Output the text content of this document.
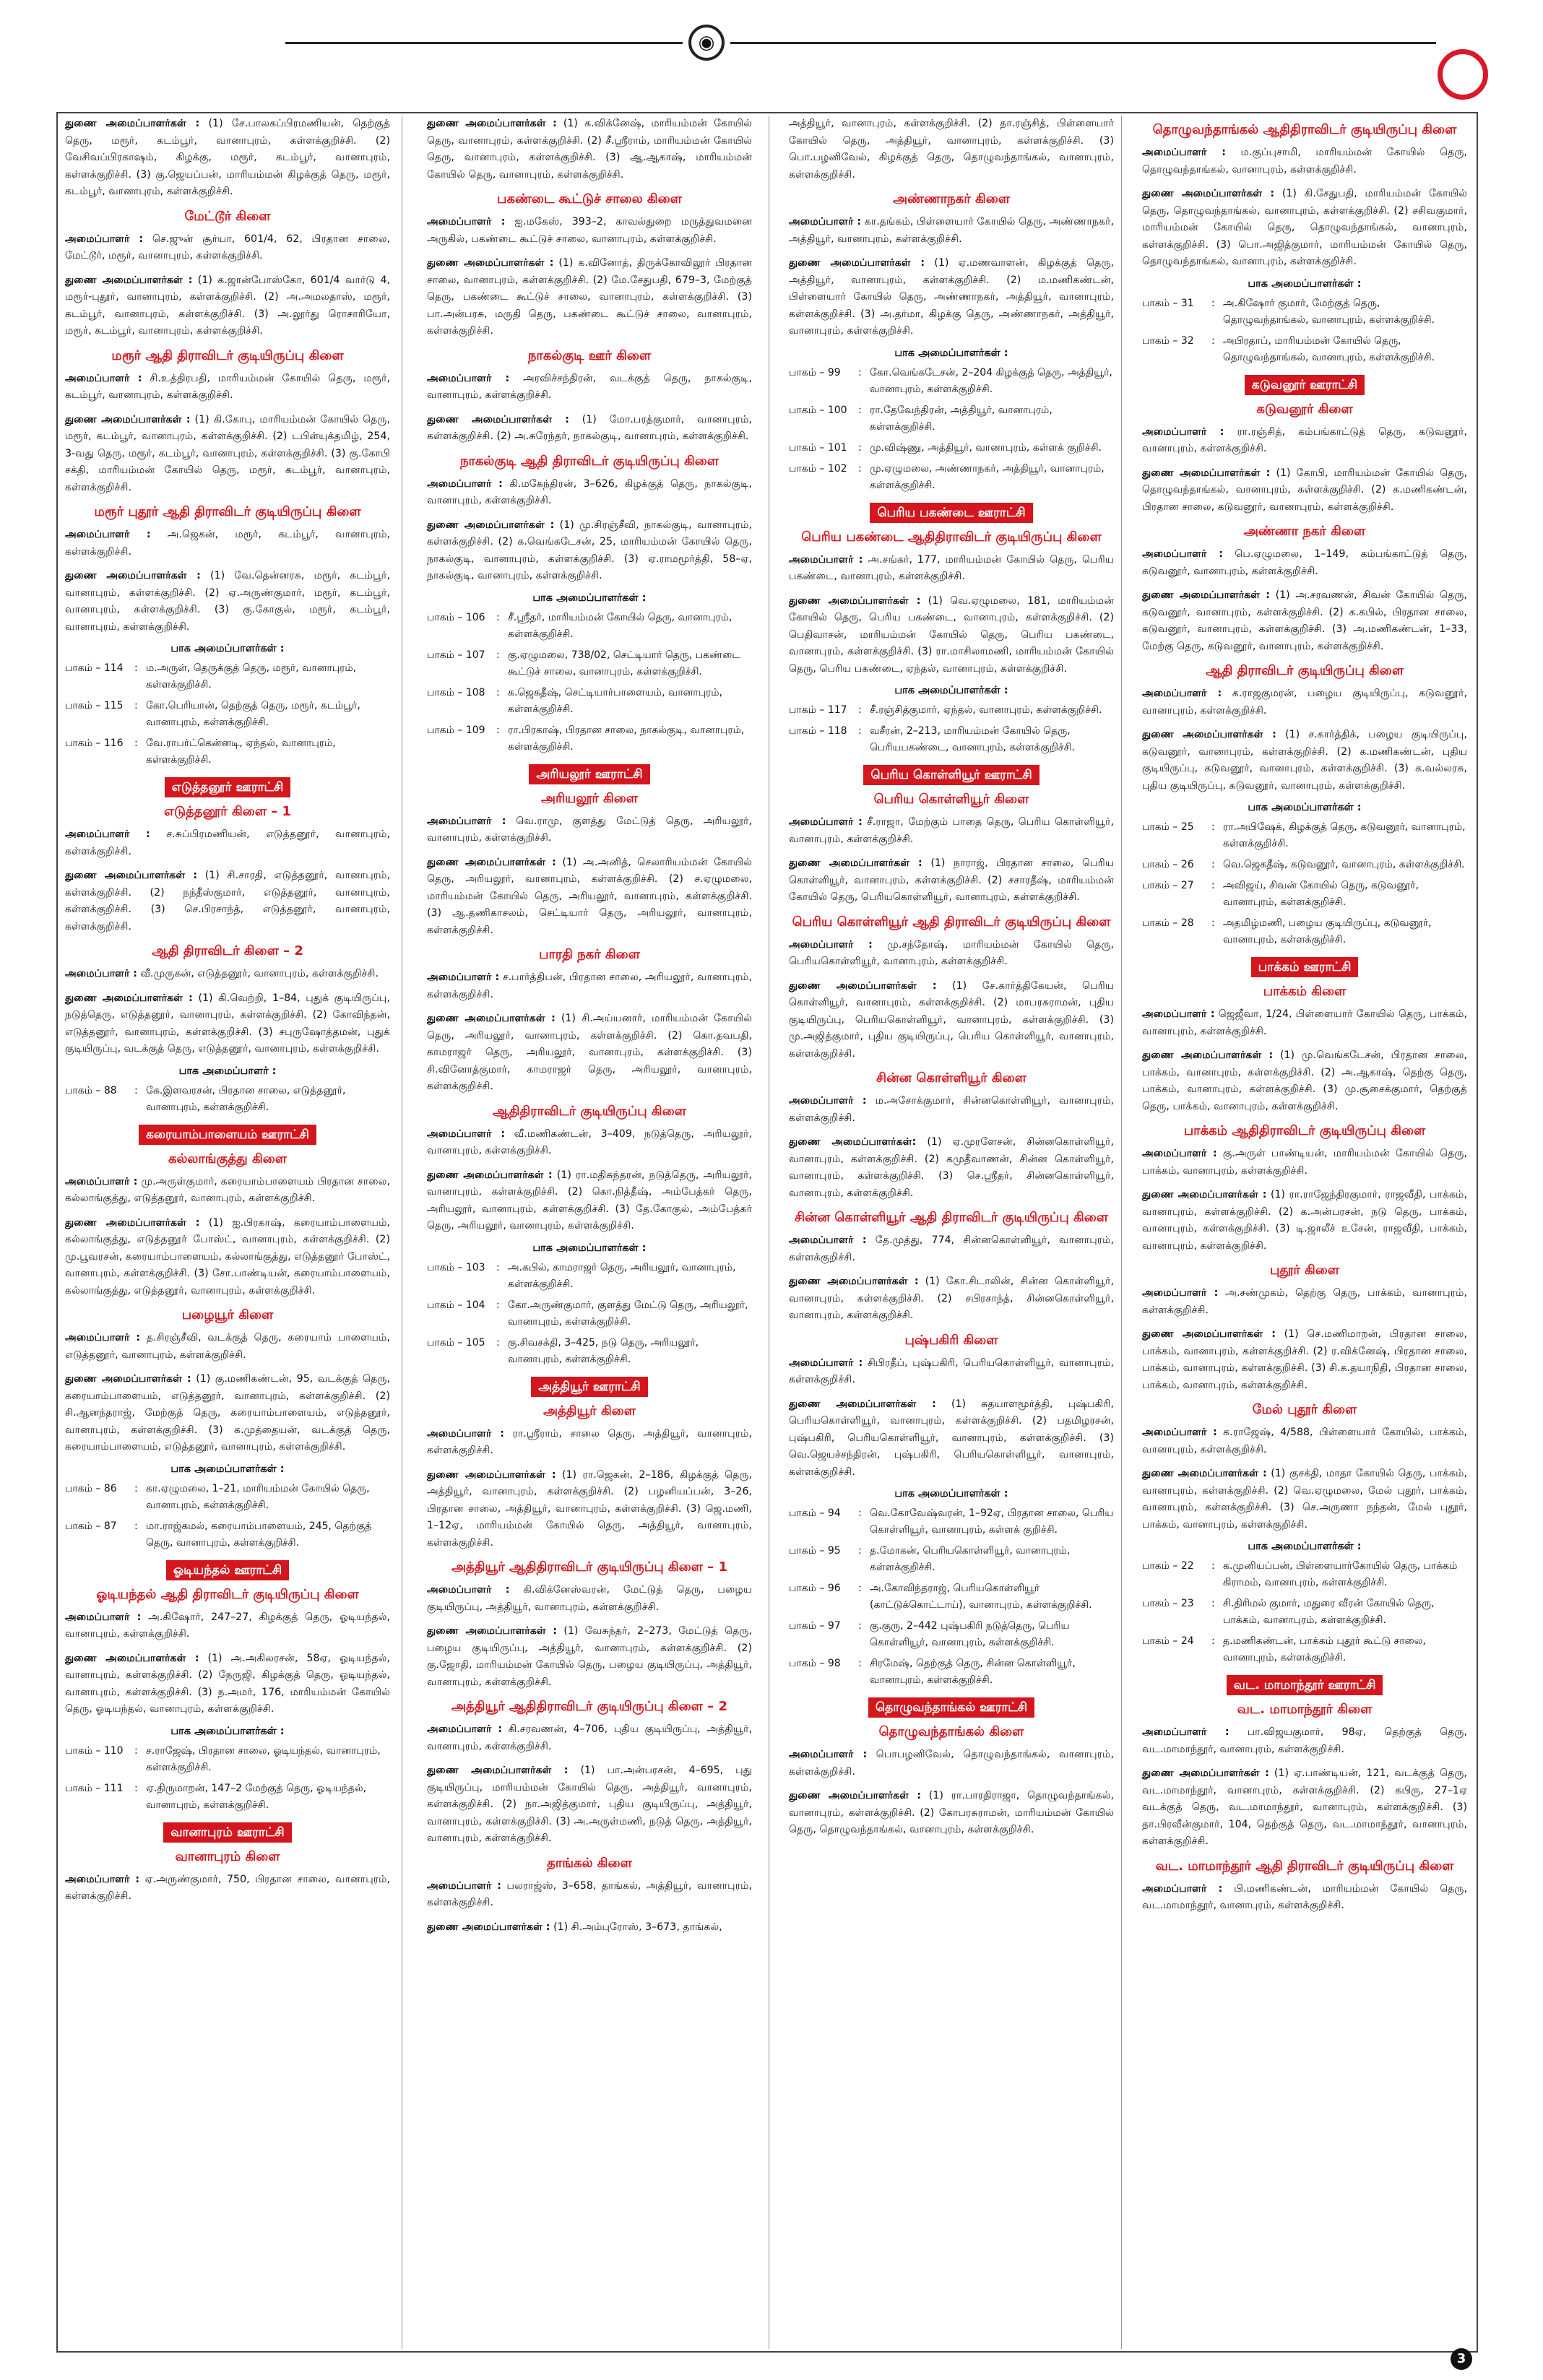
◉
துணை அமைப்பாளர்கள் : (1) சே.பாலகப்பிரமணியன், தெற்குத் தெரு, மரூர், கடம்பூர், வானாபுரம், கள்ளக்குறிச்சி. (2) வேசிவப்பிரகாஷம், கிழக்கு, மரூர், கடம்பூர், வானாபுரம், கள்ளக்குறிச்சி. (3) கு.ஜெயப்பன், மாரியம்மன் கிழக்குத் தெரு, மரூர், கடம்பூர், வானாபுரம், கள்ளக்குறிச்சி.
மேட்டூர் கிளை
அமைப்பாளர் : செ.ஜுன் சூர்யா, 601/4, 62, பிரதான சாலை, மேட்டூர், மரூர், வானாபுரம், கள்ளக்குறிச்சி.
துணை அமைப்பாளர்கள் : (1) க.ஜான்போஸ்கோ, 601/4 வார்டு 4, மரூர்-புதூர், வானாபுரம், கள்ளக்குறிச்சி. (2) அ.அமலதாஸ், மரூர், கடம்பூர், வானாபுரம், கள்ளக்குறிச்சி. (3) அ.லூர்து ரொசாரியோ, மரூர், கடம்பூர், வானாபுரம், கள்ளக்குறிச்சி.
மரூர் ஆதி திராவிடர் குடியிருப்பு கிளை
அமைப்பாளர் : சி.உத்திரபதி, மாரியம்மன் கோயில் தெரு, மரூர், கடம்பூர், வானாபுரம், கள்ளக்குறிச்சி.
துணை அமைப்பாளர்கள் : (1) கி.கோபு, மாரியம்மன் கோயில் தெரு, மரூர், கடம்பூர், வானாபுரம், கள்ளக்குறிச்சி. (2) டபிள்யுக்தமிழ், 254, 3-வது தெரு, மரூர், கடம்பூர், வானாபுரம், கள்ளக்குறிச்சி. (3) கு.கோபி சக்தி, மாரியம்மன் கோயில் தெரு, மரூர், கடம்பூர், வானாபுரம், கள்ளக்குறிச்சி.
மரூர் புதூர் ஆதி திராவிடர் குடியிருப்பு கிளை
அமைப்பாளர் : அ.ஜெகன், மரூர், கடம்பூர், வானாபுரம், கள்ளக்குறிச்சி.
துணை அமைப்பாளர்கள் : (1) வே.தென்னரசு, மரூர், கடம்பூர், வானாபுரம், கள்ளக்குறிச்சி. (2) ஏ.அருண்குமார், மரூர், கடம்பூர், வானாபுரம், கள்ளக்குறிச்சி. (3) கு.கோகுல், மரூர், கடம்பூர், வானாபுரம், கள்ளக்குறிச்சி.
பாக அமைப்பாளர்கள் :
பாகம் – 114	: ம.அருள், தெருக்குத் தெரு, மரூர், வானாபுரம், கள்ளக்குறிச்சி.
பாகம் – 115	: கோ.பெரியான், தெற்குத் தெரு, மரூர், கடம்பூர், வானாபுரம், கள்ளக்குறிச்சி.
பாகம் – 116	: வே.ராபர்ட்கென்னடி, ஏந்தல், வானாபுரம், கள்ளக்குறிச்சி.
எடுத்தனூர் ஊராட்சி
எடுத்தனூர் கிளை – 1
அமைப்பாளர் : ச.சுப்பிரமணியன், எடுத்தனூர், வானாபுரம், கள்ளக்குறிச்சி.
துணை அமைப்பாளர்கள் : (1) சி.சாரதி, எடுத்தனூர், வானாபுரம், கள்ளக்குறிச்சி. (2) நந்தீஸ்குமார், எடுத்தனூர், வானாபுரம், கள்ளக்குறிச்சி. (3) செ.பிரசாந்த், எடுத்தனூர், வானாபுரம், கள்ளக்குறிச்சி.
ஆதி திராவிடர் கிளை – 2
அமைப்பாளர் : வீ.முருகன், எடுத்தனூர், வானாபுரம், கள்ளக்குறிச்சி.
துணை அமைப்பாளர்கள் : (1) கி.வெற்றி, 1–84, புதுக் குடியிருப்பு, நடுத்தெரு, எடுத்தனூர், வானாபுரம், கள்ளக்குறிச்சி. (2) கோவிந்தன், எடுத்தனூர், வானாபுரம், கள்ளக்குறிச்சி. (3) சபுருஷோத்தமன், புதுக் குடியிருப்பு, வடக்குத் தெரு, எடுத்தனூர், வானாபுரம், கள்ளக்குறிச்சி.
பாக அமைப்பாளர் :
பாகம் – 88	: கே.இளவரசன், பிரதான சாலை, எடுத்தனூர், வானாபுரம், கள்ளக்குறிச்சி.
கரையாம்பாளையம் ஊராட்சி
கல்லாங்குத்து கிளை
அமைப்பாளர் : மு.அருள்குமார், கரையாம்பாளையம் பிரதான சாலை, கல்லாங்குத்து, எடுத்தனூர், வானாபுரம், கள்ளக்குறிச்சி.
துணை அமைப்பாளர்கள் : (1) ஐ.பிரகாஷ், கரையாம்பாளையம், கல்லாங்குத்து, எடுத்தனூர் போஸ்ட், வானாபுரம், கள்ளக்குறிச்சி. (2) மு.பூவரசன், கரையாம்பாளையம், கல்லாங்குத்து, எடுத்தனூர் போஸ்ட், வானாபுரம், கள்ளக்குறிச்சி. (3) சோ.பாண்டியன், கரையாம்பாளையம், கல்லாங்குத்து, எடுத்தனூர், வானாபுரம், கள்ளக்குறிச்சி.
பழையூர் கிளை
அமைப்பாளர் : த.சிரஞ்சீவி, வடக்குத் தெரு, கரையாம் பாளையம், எடுத்தனூர், வானாபுரம், கள்ளக்குறிச்சி.
துணை அமைப்பாளர்கள் : (1) கு.மணிகண்டன், 95, வடக்குத் தெரு, கரையாம்பாளையம், எடுத்தனூர், வானாபுரம், கள்ளக்குறிச்சி. (2) சி.ஆனந்தராஜ், மேற்குத் தெரு, கரையாம்பாளையம், எடுத்தனூர், வானாபுரம், கள்ளக்குறிச்சி. (3) க.முத்தையன், வடக்குத் தெரு, கரையாம்பாளையம், எடுத்தனூர், வானாபுரம், கள்ளக்குறிச்சி.
பாக அமைப்பாளர்கள் :
பாகம் – 86	: கா.ஏழுமலை, 1–21, மாரியம்மன் கோயில் தெரு, வானாபுரம், கள்ளக்குறிச்சி.
பாகம் – 87	: மா.ராஜ்கமல், கரையாம்பாளையம், 245, தெற்குத் தெரு, வானாபுரம், கள்ளக்குறிச்சி.
ஓடியந்தல் ஊராட்சி
ஓடியந்தல் ஆதி திராவிடர் குடியிருப்பு கிளை
அமைப்பாளர் : அ.கிஷோர், 247–27, கிழக்குத் தெரு, ஓடியந்தல், வானாபுரம், கள்ளக்குறிச்சி.
துணை அமைப்பாளர்கள் : (1) அ.அகிலரசன், 58ஏ, ஓடியந்தல், வானாபுரம், கள்ளக்குறிச்சி. (2) நேருஜி, கிழக்குத் தெரு, ஓடியந்தல், வானாபுரம், கள்ளக்குறிச்சி. (3) ந.அமர், 176, மாரியம்மன் கோயில் தெரு, ஓடியந்தல், வானாபுரம், கள்ளக்குறிச்சி.
பாக அமைப்பாளர்கள் :
பாகம் – 110	: ச.ராஜேஷ், பிரதான சாலை, ஓடியந்தல், வானாபுரம், கள்ளக்குறிச்சி.
பாகம் – 111	: ஏ.திருமாறன், 147–2 மேற்குத் தெரு, ஓடியந்தல், வானாபுரம், கள்ளக்குறிச்சி.
வானாபுரம் ஊராட்சி
வானாபுரம் கிளை
அமைப்பாளர் : ஏ.அருண்குமார், 750, பிரதான சாலை, வானாபுரம், கள்ளக்குறிச்சி.
துணை அமைப்பாளர்கள் : (1) க.விக்னேஷ், மாரியம்மன் கோயில் தெரு, வானாபுரம், கள்ளக்குறிச்சி. (2) சீ.ஸ்ரீராம், மாரியம்மன் கோயில் தெரு, வானாபுரம், கள்ளக்குறிச்சி. (3) ஆ.ஆகாஷ், மாரியம்மன் கோயில் தெரு, வானாபுரம், கள்ளக்குறிச்சி.
பகண்டை கூட்டுச் சாலை கிளை
அமைப்பாளர் : ஐ.மகேஸ், 393–2, காவல்துறை மருத்துவமனை அருகில், பகண்டை கூட்டுச் சாலை, வானாபுரம், கள்ளக்குறிச்சி.
துணை அமைப்பாளர்கள் : (1) க.வினோத், திருக்கோவிலூர் பிரதான சாலை, வானாபுரம், கள்ளக்குறிச்சி. (2) மே.சேதுபதி, 679–3, மேற்குத் தெரு, பகண்டை கூட்டுச் சாலை, வானாபுரம், கள்ளக்குறிச்சி. (3) பா.அன்பரசு, மருதி தெரு, பகண்டை கூட்டுச் சாலை, வானாபுரம், கள்ளக்குறிச்சி.
நாகல்குடி ஊர் கிளை
அமைப்பாளர் : அரவிச்சந்திரன், வடக்குத் தெரு, நாகல்குடி, வானாபுரம், கள்ளக்குறிச்சி.
துணை அமைப்பாளர்கள் : (1) மோ.பரத்குமார், வானாபுரம், கள்ளக்குறிச்சி. (2) அ.சுரேந்தர், நாகல்குடி, வானாபுரம், கள்ளக்குறிச்சி.
நாகல்குடி ஆதி திராவிடர் குடியிருப்பு கிளை
அமைப்பாளர் : கி.மகேந்திரன், 3–626, கிழக்குத் தெரு, நாகல்குடி, வானாபுரம், கள்ளக்குறிச்சி.
துணை அமைப்பாளர்கள் : (1) மு.சிரஞ்சீவி, நாகல்குடி, வானாபுரம், கள்ளக்குறிச்சி. (2) க.வெங்கடேசன், 25, மாரியம்மன் கோயில் தெரு, நாகல்குடி, வானாபுரம், கள்ளக்குறிச்சி. (3) ஏ.ராமமூர்த்தி, 58–ஏ, நாகல்குடி, வானாபுரம், கள்ளக்குறிச்சி.
பாக அமைப்பாளர்கள் :
பாகம் – 106	: சீ.ஸ்ரீதர், மாரியம்மன் கோயில் தெரு, வானாபுரம், கள்ளக்குறிச்சி.
பாகம் – 107	: கு.ஏழுமலை, 738/02, செட்டியார் தெரு, பகண்டை கூட்டுச் சாலை, வானாபுரம், கள்ளக்குறிச்சி.
பாகம் – 108	: க.ஜெகதீஷ், செட்டியார்பாளையம், வானாபுரம், கள்ளக்குறிச்சி.
பாகம் – 109	: ரா.பிரகாஷ், பிரதான சாலை, நாகல்குடி, வானாபுரம், கள்ளக்குறிச்சி.
அரியலூர் ஊராட்சி
அரியலூர் கிளை
அமைப்பாளர் : வெ.ராமு, குளத்து மேட்டுத் தெரு, அரியலூர், வானாபுரம், கள்ளக்குறிச்சி.
துணை அமைப்பாளர்கள் : (1) அ.அனித், செலாரியம்மன் கோயில் தெரு, அரியலூர், வானாபுரம், கள்ளக்குறிச்சி. (2) ச.ஏழுமலை, மாரியம்மன் கோயில் தெரு, அரியலூர், வானாபுரம், கள்ளக்குறிச்சி. (3) ஆ.தணிகாசலம், செட்டியார் தெரு, அரியலூர், வானாபுரம், கள்ளக்குறிச்சி.
பாரதி நகர் கிளை
அமைப்பாளர் : ச.பார்த்திபன், பிரதான சாலை, அரியலூர், வானாபுரம், கள்ளக்குறிச்சி.
துணை அமைப்பாளர்கள் : (1) சி.அய்யனார், மாரியம்மன் கோயில் தெரு, அரியலூர், வானாபுரம், கள்ளக்குறிச்சி. (2) கொ.தவபதி, காமராஜர் தெரு, அரியலூர், வானாபுரம், கள்ளக்குறிச்சி. (3) சி.வினோத்குமார், காமராஜர் தெரு, அரியலூர், வானாபுரம், கள்ளக்குறிச்சி.
ஆதிதிராவிடர் குடியிருப்பு கிளை
அமைப்பாளர் : வீ.மணிகண்டன், 3–409, நடுத்தெரு, அரியலூர், வானாபுரம், கள்ளக்குறிச்சி.
துணை அமைப்பாளர்கள் : (1) ரா.மதிசுந்தரன், நடுத்தெரு, அரியலூர், வானாபுரம், கள்ளக்குறிச்சி. (2) கொ.நித்தீஷ், அம்பேத்கர் தெரு, அரியலூர், வானாபுரம், கள்ளக்குறிச்சி. (3) தே.கோகுல், அம்பேத்கர் தெரு, அரியலூர், வானாபுரம், கள்ளக்குறிச்சி.
பாக அமைப்பாளர்கள் :
பாகம் – 103	: அ.கபில், காமராஜர் தெரு, அரியலூர், வானாபுரம், கள்ளக்குறிச்சி.
பாகம் – 104	: கோ.அருண்குமார், குளத்து மேட்டு தெரு, அரியலூர், வானாபுரம், கள்ளக்குறிச்சி.
பாகம் – 105	: கு.சிவசக்தி, 3–425, நடு தெரு, அரியலூர், வானாபுரம், கள்ளக்குறிச்சி.
அத்தியூர் ஊராட்சி
அத்தியூர் கிளை
அமைப்பாளர் : ரா.ஸ்ரீராம், சாலை தெரு, அத்தியூர், வானாபுரம், கள்ளக்குறிச்சி.
துணை அமைப்பாளர்கள் : (1) ரா.ஜெகன், 2–186, கிழக்குத் தெரு, அத்தியூர், வானாபுரம், கள்ளக்குறிச்சி. (2) பழனியப்பன், 3–26, பிரதான சாலை, அத்தியூர், வானாபுரம், கள்ளக்குறிச்சி. (3) ஜெ.மணி, 1–12ஏ, மாரியம்மன் கோயில் தெரு, அத்தியூர், வானாபுரம், கள்ளக்குறிச்சி.
அத்தியூர் ஆதிதிராவிடர் குடியிருப்பு கிளை – 1
அமைப்பாளர் : கி.விக்னேஸ்வரன், மேட்டுத் தெரு, பழைய குடியிருப்பு, அத்தியூர், வானாபுரம், கள்ளக்குறிச்சி.
துணை அமைப்பாளர்கள் : (1) வேசுந்தர், 2–273, மேட்டுத் தெரு, பழைய குடியிருப்பு, அத்தியூர், வானாபுரம், கள்ளக்குறிச்சி. (2) கு.ஜோதி, மாரியம்மன் கோயில் தெரு, பழைய குடியிருப்பு, அத்தியூர், வானாபுரம், கள்ளக்குறிச்சி.
அத்தியூர் ஆதிதிராவிடர் குடியிருப்பு கிளை – 2
அமைப்பாளர் : கி.சரவணன், 4–706, புதிய குடியிருப்பு, அத்தியூர், வானாபுரம், கள்ளக்குறிச்சி.
துணை அமைப்பாளர்கள் : (1) பா.அன்பரசன், 4–695, புது குடியிருப்பு, மாரியம்மன் கோயில் தெரு, அத்தியூர், வானாபுரம், கள்ளக்குறிச்சி. (2) நா.அஜித்குமார், புதிய குடியிருப்பு, அத்தியூர், வானாபுரம், கள்ளக்குறிச்சி. (3) அ.அருள்மணி, நடுத் தெரு, அத்தியூர், வானாபுரம், கள்ளக்குறிச்சி.
தாங்கல் கிளை
அமைப்பாளர் : பலராஜ்ஸ், 3–658, தாங்கல், அத்தியூர், வானாபுரம், கள்ளக்குறிச்சி.
துணை அமைப்பாளர்கள் : (1) சி.அம்புரோஸ், 3–673, தாங்கல்,
அத்தியூர், வானாபுரம், கள்ளக்குறிச்சி. (2) தா.ரஞ்சித், பிள்ளையார் கோயில் தெரு, அத்தியூர், வானாபுரம், கள்ளக்குறிச்சி. (3) பொ.பழனிவேல், கிழக்குத் தெரு, தொழுவந்தாங்கல், வானாபுரம், கள்ளக்குறிச்சி.
அண்ணாநகர் கிளை
அமைப்பாளர் : கா.தங்கம், பிள்ளையார் கோயில் தெரு, அண்ணாநகர், அத்தியூர், வானாபுரம், கள்ளக்குறிச்சி.
துணை அமைப்பாளர்கள் : (1) ஏ.மணவாளன், கிழக்குத் தெரு, அத்தியூர், வானாபுரம், கள்ளக்குறிச்சி. (2) ம.மணிகண்டன், பிள்ளையார் கோயில் தெரு, அண்ணாநகர், அத்தியூர், வானாபுரம், கள்ளக்குறிச்சி. (3) அ.தர்மா, கிழக்கு தெரு, அண்ணாநகர், அத்தியூர், வானாபுரம், கள்ளக்குறிச்சி.
பாக அமைப்பாளர்கள் :
பாகம் – 99	: கோ.வெங்கடேசன், 2–204 கிழக்குத் தெரு, அத்தியூர், வானாபுரம், கள்ளக்குறிச்சி.
பாகம் – 100	: ரா.தேவேந்திரன், அத்தியூர், வானாபுரம், கள்ளக்குறிச்சி.
பாகம் – 101	: மு.விஷ்ணு, அத்தியூர், வானாபுரம், கள்ளக் குறிச்சி.
பாகம் – 102	: மு.ஏழுமலை, அண்ணாநகர், அத்தியூர், வானாபுரம், கள்ளக்குறிச்சி.
பெரிய பகண்டை ஊராட்சி
பெரிய பகண்டை ஆதிதிராவிடர் குடியிருப்பு கிளை
அமைப்பாளர் : அ.சங்கர், 177, மாரியம்மன் கோயில் தெரு, பெரிய பகண்டை, வானாபுரம், கள்ளக்குறிச்சி.
துணை அமைப்பாளர்கள் : (1) வெ.ஏழுமலை, 181, மாரியம்மன் கோயில் தெரு, பெரிய பகண்டை, வானாபுரம், கள்ளக்குறிச்சி. (2) பெதிவாசன், மாரியம்மன் கோயில் தெரு, பெரிய பகண்டை, வானாபுரம், கள்ளக்குறிச்சி. (3) ரா.மாசிலாமணி, மாரியம்மன் கோயில் தெரு, பெரிய பகண்டை, ஏந்தல், வானாபுரம், கள்ளக்குறிச்சி.
பாக அமைப்பாளர்கள் :
பாகம் – 117	: சீ.ரஞ்சித்குமார், ஏந்தல், வானாபுரம், கள்ளக்குறிச்சி.
பாகம் – 118	: வசீரன், 2–213, மாரியம்மன் கோயில் தெரு, பெரியபகண்டை, வானாபுரம், கள்ளக்குறிச்சி.
பெரிய கொள்ளியூர் ஊராட்சி
பெரிய கொள்ளியூர் கிளை
அமைப்பாளர் : சீ.ராஜா, மேற்கும் பாதை தெரு, பெரிய கொள்ளியூர், வானாபுரம், கள்ளக்குறிச்சி.
துணை அமைப்பாளர்கள் : (1) நாராஜ், பிரதான சாலை, பெரிய கொள்ளியூர், வானாபுரம், கள்ளக்குறிச்சி. (2) சசாரதீஷ், மாரியம்மன் கோயில் தெரு, பெரியகொள்ளியூர், வானாபுரம், கள்ளக்குறிச்சி.
பெரிய கொள்ளியூர் ஆதி திராவிடர் குடியிருப்பு கிளை
அமைப்பாளர் : மு.சந்தோஷ், மாரியம்மன் கோயில் தெரு, பெரியகொள்ளியூர், வானாபுரம், கள்ளக்குறிச்சி.
துணை அமைப்பாளர்கள் : (1) சே.கார்த்திகேயன், பெரிய கொள்ளியூர், வானாபுரம், கள்ளக்குறிச்சி. (2) மாபரசுராமன், புதிய குடியிருப்பு, பெரியகொள்ளியூர், வானாபுரம், கள்ளக்குறிச்சி. (3) மு.அஜித்குமார், புதிய குடியிருப்பு, பெரிய கொள்ளியூர், வானாபுரம், கள்ளக்குறிச்சி.
சின்ன கொள்ளியூர் கிளை
அமைப்பாளர் : ம.அசோக்குமார், சின்னகொள்ளியூர், வானாபுரம், கள்ளக்குறிச்சி.
துணை அமைப்பாளர்கள்: (1) ஏ.முரளேசன், சின்னகொள்ளியூர், வானாபுரம், கள்ளக்குறிச்சி. (2) கமுதீவாணன், சின்ன கொள்ளியூர், வானாபுரம், கள்ளக்குறிச்சி. (3) செ.ஸ்ரீதர், சின்னகொள்ளியூர், வானாபுரம், கள்ளக்குறிச்சி.
சின்ன கொள்ளியூர் ஆதி திராவிடர் குடியிருப்பு கிளை
அமைப்பாளர் : தே.முத்து, 774, சின்னகொள்ளியூர், வானாபுரம், கள்ளக்குறிச்சி.
துணை அமைப்பாளர்கள் : (1) கோ.சிடாலின், சின்ன கொள்ளியூர், வானாபுரம், கள்ளக்குறிச்சி. (2) சபிரசாந்த், சின்னகொள்ளியூர், வானாபுரம், கள்ளக்குறிச்சி.
புஷ்பகிரி கிளை
அமைப்பாளர் : சிபிரதீப், புஷ்பகிரி, பெரியகொள்ளியூர், வானாபுரம், கள்ளக்குறிச்சி.
துணை அமைப்பாளர்கள் : (1) சுதயாளமூர்த்தி, புஷ்பகிரி, பெரியகொள்ளியூர், வானாபுரம், கள்ளக்குறிச்சி. (2) பதமிழரசன், புஷ்பகிரி, பெரியகொள்ளியூர், வானாபுரம், கள்ளக்குறிச்சி. (3) வெ.ஜெயச்சந்திரன், புஷ்பகிரி, பெரியகொள்ளியூர், வானாபுரம், கள்ளக்குறிச்சி.
பாக அமைப்பாளர்கள் :
பாகம் – 94	: வெ.கோவேஷ்வரன், 1–92ஏ, பிரதான சாலை, பெரிய கொள்ளியூர், வானாபுரம், கள்ளக் குறிச்சி.
பாகம் – 95	: த.மோகன், பெரியகொள்ளியூர், வானாபுரம், கள்ளக்குறிச்சி.
பாகம் – 96	: அ.கோவிந்தராஜ், பெரியகொள்ளியூர் (காட்டுக்கொட்டாய்), வானாபுரம், கள்ளக்குறிச்சி.
பாகம் – 97	: கு.குரு, 2–442 புஷ்பகிரி நடுத்தெரு, பெரிய கொள்ளியூர், வானாபுரம், கள்ளக்குறிச்சி.
பாகம் – 98	: சிரமேஷ், தெற்குத் தெரு, சின்ன கொள்ளியூர், வானாபுரம், கள்ளக்குறிச்சி.
தொழுவந்தாங்கல் ஊராட்சி
தொழுவந்தாங்கல் கிளை
அமைப்பாளர் : பொபழனிவேல், தொழுவந்தாங்கல், வானாபுரம், கள்ளக்குறிச்சி.
துணை அமைப்பாளர்கள் : (1) ரா.பாரதிராஜா, தொழுவந்தாங்கல், வானாபுரம், கள்ளக்குறிச்சி. (2) கோபரசுராமன், மாரியம்மன் கோயில் தெரு, தொழுவந்தாங்கல், வானாபுரம், கள்ளக்குறிச்சி.
தொழுவந்தாங்கல் ஆதிதிராவிடர் குடியிருப்பு கிளை
அமைப்பாளர் : ம.குப்புசாமி, மாரியம்மன் கோயில் தெரு, தொழுவந்தாங்கல், வானாபுரம், கள்ளக்குறிச்சி.
துணை அமைப்பாளர்கள் : (1) கி.சேதுபதி, மாரியம்மன் கோயில் தெரு, தொழுவந்தாங்கல், வானாபுரம், கள்ளக்குறிச்சி. (2) சசிவகுமார், மாரியம்மன் கோயில் தெரு, தொழுவந்தாங்கல், வானாபுரம், கள்ளக்குறிச்சி. (3) பொ.அஜித்குமார், மாரியம்மன் கோயில் தெரு, தொழுவந்தாங்கல், வானாபுரம், கள்ளக்குறிச்சி.
பாக அமைப்பாளர்கள் :
பாகம் – 31	: அ.கிஷோர் குமார், மேற்குத் தெரு, தொழுவந்தாங்கல், வானாபுரம், கள்ளக்குறிச்சி.
பாகம் – 32	: அபிரதாப், மாரியம்மன் கோயில் தெரு, தொழுவந்தாங்கல், வானாபுரம், கள்ளக்குறிச்சி.
கடுவனூர் ஊராட்சி
கடுவனூர் கிளை
அமைப்பாளர் : ரா.ரஞ்சித், கம்பங்காட்டுத் தெரு, கடுவனூர், வானாபுரம், கள்ளக்குறிச்சி.
துணை அமைப்பாளர்கள் : (1) கோபி, மாரியம்மன் கோயில் தெரு, தொழுவந்தாங்கல், வானாபுரம், கள்ளக்குறிச்சி. (2) க.மணிகண்டன், பிரதான சாலை, கடுவனூர், வானாபுரம், கள்ளக்குறிச்சி.
அண்ணா நகர் கிளை
அமைப்பாளர் : பெ.ஏழுமலை, 1–149, கம்பங்காட்டுத் தெரு, கடுவனூர், வானாபுரம், கள்ளக்குறிச்சி.
துணை அமைப்பாளர்கள் : (1) அ.சரவணன், சிவன் கோயில் தெரு, கடுவனூர், வானாபுரம், கள்ளக்குறிச்சி. (2) க.கபில், பிரதான சாலை, கடுவனூர், வானாபுரம், கள்ளக்குறிச்சி. (3) அ.மணிகண்டன், 1–33, மேற்கு தெரு, கடுவனூர், வானாபுரம், கள்ளக்குறிச்சி.
ஆதி திராவிடர் குடியிருப்பு கிளை
அமைப்பாளர் : க.ராஜகுமரன், பழைய குடியிருப்பு, கடுவனூர், வானாபுரம், கள்ளக்குறிச்சி.
துணை அமைப்பாளர்கள் : (1) ச.கார்த்திக், பழைய குடியிருப்பு, கடுவனூர், வானாபுரம், கள்ளக்குறிச்சி. (2) க.மணிகண்டன், புதிய குடியிருப்பு, கடுவனூர், வானாபுரம், கள்ளக்குறிச்சி. (3) க.வல்லரசு, புதிய குடியிருப்பு, கடுவனூர், வானாபுரம், கள்ளக்குறிச்சி.
பாக அமைப்பாளர்கள் :
பாகம் – 25	: ரா.அபிஷேக், கிழக்குத் தெரு, கடுவனூர், வானாபுரம், கள்ளக்குறிச்சி.
பாகம் – 26	: வெ.ஜெகதீஷ், கடுவனூர், வானாபுரம், கள்ளக்குறிச்சி.
பாகம் – 27	: அவிஜய், சிவன் கோயில் தெரு, கடுவனூர், வானாபுரம், கள்ளக்குறிச்சி.
பாகம் – 28	: அதமிழ்மணி, பழைய குடியிருப்பு, கடுவனூர், வானாபுரம், கள்ளக்குறிச்சி.
பாக்கம் ஊராட்சி
பாக்கம் கிளை
அமைப்பாளர் : ஜெஜீவா, 1/24, பிள்ளையார் கோயில் தெரு, பாக்கம், வானாபுரம், கள்ளக்குறிச்சி.
துணை அமைப்பாளர்கள் : (1) மு.வெங்கடேசன், பிரதான சாலை, பாக்கம், வானாபுரம், கள்ளக்குறிச்சி. (2) அ.ஆகாஷ், தெற்கு தெரு, பாக்கம், வானாபுரம், கள்ளக்குறிச்சி. (3) மு.சூசைக்குமார், தெற்குத் தெரு, பாக்கம், வானாபுரம், கள்ளக்குறிச்சி.
பாக்கம் ஆதிதிராவிடர் குடியிருப்பு கிளை
அமைப்பாளர் : கு.அருள் பாண்டியன், மாரியம்மன் கோயில் தெரு, பாக்கம், வானாபுரம், கள்ளக்குறிச்சி.
துணை அமைப்பாளர்கள் : (1) ரா.ராஜேந்திரகுமார், ராஜவீதி, பாக்கம், வானாபுரம், கள்ளக்குறிச்சி. (2) க.அன்பரசன், நடு தெரு, பாக்கம், வானாபுரம், கள்ளக்குறிச்சி. (3) டி.ஜாலீச் உசேன், ராஜவீதி, பாக்கம், வானாபுரம், கள்ளக்குறிச்சி.
புதூர் கிளை
அமைப்பாளர் : அ.சண்முகம், தெற்கு தெரு, பாக்கம், வானாபுரம், கள்ளக்குறிச்சி.
துணை அமைப்பாளர்கள் : (1) செ.மணிமாறன், பிரதான சாலை, பாக்கம், வானாபுரம், கள்ளக்குறிச்சி. (2) ர.விக்னேஷ், பிரதான சாலை, பாக்கம், வானாபுரம், கள்ளக்குறிச்சி. (3) சி.க.தயாநிதி, பிரதான சாலை, பாக்கம், வானாபுரம், கள்ளக்குறிச்சி.
மேல் புதூர் கிளை
அமைப்பாளர் : க.ராஜேஷ், 4/588, பிள்ளையார் கோயில், பாக்கம், வானாபுரம், கள்ளக்குறிச்சி.
துணை அமைப்பாளர்கள் : (1) குசக்தி, மாதா கோயில் தெரு, பாக்கம், வானாபுரம், கள்ளக்குறிச்சி. (2) வெ.ஏழுமலை, மேல் புதூர், பாக்கம், வானாபுரம், கள்ளக்குறிச்சி. (3) செ.அருணா நந்தன், மேல் புதூர், பாக்கம், வானாபுரம், கள்ளக்குறிச்சி.
பாக அமைப்பாளர்கள் :
பாகம் – 22	: க.முனியப்பன், பிள்ளையார்கோயில் தெரு, பாக்கம் கிராமம், வானாபுரம், கள்ளக்குறிச்சி.
பாகம் – 23	: சி.திரிமல் குமார், மதுரை வீரன் கோயில் தெரு, பாக்கம், வானாபுரம், கள்ளக்குறிச்சி.
பாகம் – 24	: த.மணிகண்டன், பாக்கம் புதூர் கூட்டு சாலை, வானாபுரம், கள்ளக்குறிச்சி.
வட. மாமாந்தூர் ஊராட்சி
வட. மாமாந்தூர் கிளை
அமைப்பாளர் : பா.விஜயகுமார், 98ஏ, தெற்குத் தெரு, வட.மாமாந்தூர், வானாபுரம், கள்ளக்குறிச்சி.
துணை அமைப்பாளர்கள் : (1) ஏ.பாண்டியன், 121, வடக்குத் தெரு, வட.மாமாந்தூர், வானாபுரம், கள்ளக்குறிச்சி. (2) கபிரு, 27–1ஏ வடக்குத் தெரு, வட.மாமாந்தூர், வானாபுரம், கள்ளக்குறிச்சி. (3) தா.பிரவீன்குமார், 104, தெற்குத் தெரு, வட.மாமாந்தூர், வானாபுரம், கள்ளக்குறிச்சி.
வட. மாமாந்தூர் ஆதி திராவிடர் குடியிருப்பு கிளை
அமைப்பாளர் : பி.மணிகண்டன், மாரியம்மன் கோயில் தெரு, வட.மாமாந்தூர், வானாபுரம், கள்ளக்குறிச்சி.
3
